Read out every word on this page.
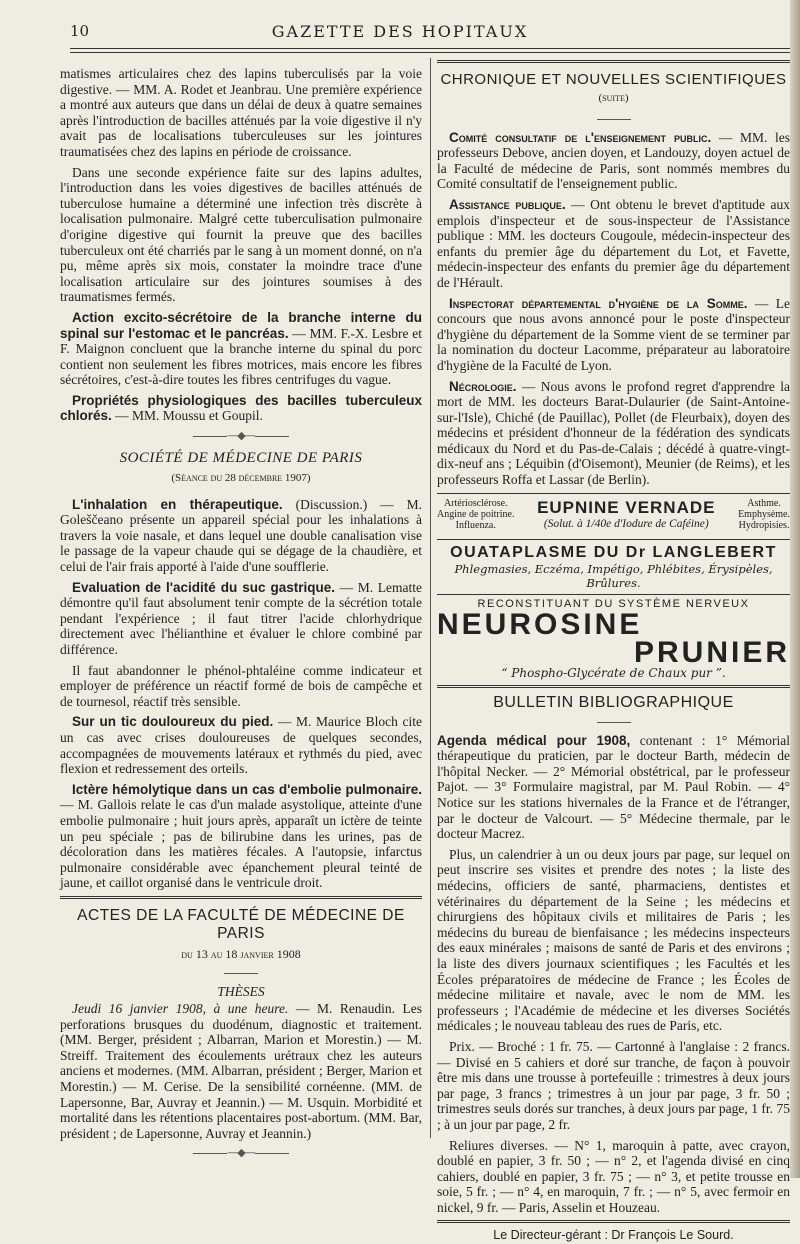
10	GAZETTE DES HOPITAUX

matismes articulaires chez des lapins tuberculisés par la voie digestive. — MM. A. Rodet et Jeanbrau. Une première expérience a montré aux auteurs que dans un délai de deux à quatre semaines après l'introduction de bacilles atténués par la voie digestive il n'y avait pas de localisations tuberculeuses sur les jointures traumatisées chez des lapins en période de croissance.

Dans une seconde expérience faite sur des lapins adultes, l'introduction dans les voies digestives de bacilles atténués de tuberculose humaine a déterminé une infection très discrète à localisation pulmonaire. Malgré cette tuberculisation pulmonaire d'origine digestive qui fournit la preuve que des bacilles tuberculeux ont été charriés par le sang à un moment donné, on n'a pu, même après six mois, constater la moindre trace d'une localisation articulaire sur des jointures soumises à des traumatismes fermés.

Action excito-sécrétoire de la branche interne du spinal sur l'estomac et le pancréas. — MM. F.-X. Lesbre et F. Maignon concluent que la branche interne du spinal du porc contient non seulement les fibres motrices, mais encore les fibres sécrétoires, c'est-à-dire toutes les fibres centrifuges du vague.

Propriétés physiologiques des bacilles tuberculeux chlorés. — MM. Moussu et Goupil.

—◆—
SOCIÉTÉ DE MÉDECINE DE PARIS

(Séance du 28 décembre 1907)

L'inhalation en thérapeutique. (Discussion.) — M. Goleščeano présente un appareil spécial pour les inhalations à travers la voie nasale, et dans lequel une double canalisation vise le passage de la vapeur chaude qui se dégage de la chaudière, et celui de l'air frais apporté à l'aide d'une soufflerie.

Evaluation de l'acidité du suc gastrique. — M. Lematte démontre qu'il faut absolument tenir compte de la sécrétion totale pendant l'expérience ; il faut titrer l'acide chlorhydrique directement avec l'hélianthine et évaluer le chlore combiné par différence.

Il faut abandonner le phénol-phtaléine comme indicateur et employer de préférence un réactif formé de bois de campêche et de tournesol, réactif très sensible.

Sur un tic douloureux du pied. — M. Maurice Bloch cite un cas avec crises douloureuses de quelques secondes, accompagnées de mouvements latéraux et rythmés du pied, avec flexion et redressement des orteils.

Ictère hémolytique dans un cas d'embolie pulmonaire. — M. Gallois relate le cas d'un malade asystolique, atteinte d'une embolie pulmonaire ; huit jours après, apparaît un ictère de teinte un peu spéciale ; pas de bilirubine dans les urines, pas de décoloration dans les matières fécales. A l'autopsie, infarctus pulmonaire considérable avec épanchement pleural teinté de jaune, et caillot organisé dans le ventricule droit.

ACTES DE LA FACULTÉ DE MÉDECINE DE PARIS

du 13 au 18 janvier 1908

THÈSES

Jeudi 16 janvier 1908, à une heure. — M. Renaudin. Les perforations brusques du duodénum, diagnostic et traitement. (MM. Berger, président ; Albarran, Marion et Morestin.) — M. Streiff. Traitement des écoulements urétraux chez les auteurs anciens et modernes. (MM. Albarran, président ; Berger, Marion et Morestin.) — M. Cerise. De la sensibilité cornéenne. (MM. de Lapersonne, Bar, Auvray et Jeannin.) — M. Usquin. Morbidité et mortalité dans les rétentions placentaires post-abortum. (MM. Bar, président ; de Lapersonne, Auvray et Jeannin.)

—◆—
CHRONIQUE ET NOUVELLES SCIENTIFIQUES

(suite)

Comité consultatif de l'enseignement public. — MM. les professeurs Debove, ancien doyen, et Landouzy, doyen actuel de la Faculté de médecine de Paris, sont nommés membres du Comité consultatif de l'enseignement public.

Assistance publique. — Ont obtenu le brevet d'aptitude aux emplois d'inspecteur et de sous-inspecteur de l'Assistance publique : MM. les docteurs Cougoule, médecin-inspecteur des enfants du premier âge du département du Lot, et Favette, médecin-inspecteur des enfants du premier âge du département de l'Hérault.

Inspectorat départemental d'hygiène de la Somme. — Le concours que nous avons annoncé pour le poste d'inspecteur d'hygiène du département de la Somme vient de se terminer par la nomination du docteur Lacomme, préparateur au laboratoire d'hygiène de la Faculté de Lyon.

Nécrologie. — Nous avons le profond regret d'apprendre la mort de MM. les docteurs Barat-Dulaurier (de Saint-Antoine-sur-l'Isle), Chiché (de Pauillac), Pollet (de Fleurbaix), doyen des médecins et président d'honneur de la fédération des syndicats médicaux du Nord et du Pas-de-Calais ; décédé à quatre-vingt-dix-neuf ans ; Léquibin (d'Oisemont), Meunier (de Reims), et les professeurs Roffa et Lassar (de Berlin).

Artériosclérose.
Angine de poitrine.
Influenza.
EUPNINE VERNADE
(Solut. à 1/40e d'Iodure de Caféine)
Asthme.
Emphysème.
Hydropisies.
OUATAPLASME DU Dr LANGLEBERT
Phlegmasies, Eczéma, Impétigo, Phlébites, Érysipèles, Brûlures.
RECONSTITUANT DU SYSTÈME NERVEUX
NEUROSINE
PRUNIER
“ Phospho-Glycérate de Chaux pur ”.
BULLETIN BIBLIOGRAPHIQUE

Agenda médical pour 1908, contenant : 1° Mémorial thérapeutique du praticien, par le docteur Barth, médecin de l'hôpital Necker. — 2° Mémorial obstétrical, par le professeur Pajot. — 3° Formulaire magistral, par M. Paul Robin. — 4° Notice sur les stations hivernales de la France et de l'étranger, par le docteur de Valcourt. — 5° Médecine thermale, par le docteur Macrez.

Plus, un calendrier à un ou deux jours par page, sur lequel on peut inscrire ses visites et prendre des notes ; la liste des médecins, officiers de santé, pharmaciens, dentistes et vétérinaires du département de la Seine ; les médecins et chirurgiens des hôpitaux civils et militaires de Paris ; les médecins du bureau de bienfaisance ; les médecins inspecteurs des eaux minérales ; maisons de santé de Paris et des environs ; la liste des divers journaux scientifiques ; les Facultés et les Écoles préparatoires de médecine de France ; les Écoles de médecine militaire et navale, avec le nom de MM. les professeurs ; l'Académie de médecine et les diverses Sociétés médicales ; le nouveau tableau des rues de Paris, etc.

Prix. — Broché : 1 fr. 75. — Cartonné à l'anglaise : 2 francs. — Divisé en 5 cahiers et doré sur tranche, de façon à pouvoir être mis dans une trousse à portefeuille : trimestres à deux jours par page, 3 francs ; trimestres à un jour par page, 3 fr. 50 ; trimestres seuls dorés sur tranches, à deux jours par page, 1 fr. 75 ; à un jour par page, 2 fr.

Reliures diverses. — N° 1, maroquin à patte, avec crayon, doublé en papier, 3 fr. 50 ; — n° 2, et l'agenda divisé en cinq cahiers, doublé en papier, 3 fr. 75 ; — n° 3, et petite trousse en soie, 5 fr. ; — n° 4, en maroquin, 7 fr. ; — n° 5, avec fermoir en nickel, 9 fr. — Paris, Asselin et Houzeau.

Le Directeur-gérant : Dr François Le Sourd.
